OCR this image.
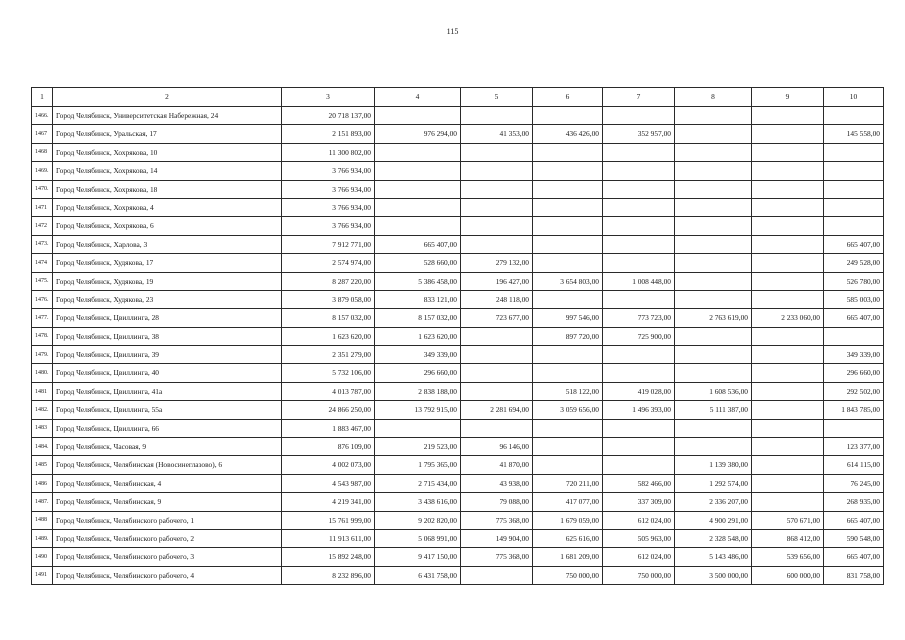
115
1	2	3	4	5	6	7	8	9	10
1466.	Город Челябинск, Университетская Набережная, 24	20 718 137,00							
1467	Город Челябинск, Уральская, 17	2 151 893,00	976 294,00	41 353,00	436 426,00	352 957,00			145 558,00
1468	Город Челябинск, Хохрякова, 10	11 300 802,00							
1469.	Город Челябинск, Хохрякова, 14	3 766 934,00							
1470.	Город Челябинск, Хохрякова, 18	3 766 934,00							
1471	Город Челябинск, Хохрякова, 4	3 766 934,00							
1472	Город Челябинск, Хохрякова, 6	3 766 934,00							
1473.	Город Челябинск, Харлова, 3	7 912 771,00	665 407,00						665 407,00
1474	Город Челябинск, Худякова, 17	2 574 974,00	528 660,00	279 132,00					249 528,00
1475.	Город Челябинск, Худякова, 19	8 287 220,00	5 386 458,00	196 427,00	3 654 803,00	1 008 448,00			526 780,00
1476.	Город Челябинск, Худякова, 23	3 879 058,00	833 121,00	248 118,00					585 003,00
1477.	Город Челябинск, Цвиллинга, 28	8 157 032,00	8 157 032,00	723 677,00	997 546,00	773 723,00	2 763 619,00	2 233 060,00	665 407,00
1478.	Город Челябинск, Цвиллинга, 38	1 623 620,00	1 623 620,00		897 720,00	725 900,00			
1479.	Город Челябинск, Цвиллинга, 39	2 351 279,00	349 339,00						349 339,00
1480.	Город Челябинск, Цвиллинга, 40	5 732 106,00	296 660,00						296 660,00
1481	Город Челябинск, Цвиллинга, 41а	4 013 787,00	2 838 188,00		518 122,00	419 028,00	1 608 536,00		292 502,00
1482.	Город Челябинск, Цвиллинга, 55а	24 866 250,00	13 792 915,00	2 281 694,00	3 059 656,00	1 496 393,00	5 111 387,00		1 843 785,00
1483	Город Челябинск, Цвиллинга, 66	1 883 467,00							
1484.	Город Челябинск, Часовая, 9	876 109,00	219 523,00	96 146,00					123 377,00
1485	Город Челябинск, Челябинская (Новосинеглазово), 6	4 002 073,00	1 795 365,00	41 870,00			1 139 380,00		614 115,00
1486	Город Челябинск, Челябинская, 4	4 543 987,00	2 715 434,00	43 938,00	720 211,00	582 466,00	1 292 574,00		76 245,00
1487.	Город Челябинск, Челябинская, 9	4 219 341,00	3 438 616,00	79 088,00	417 077,00	337 309,00	2 336 207,00		268 935,00
1488	Город Челябинск, Челябинского рабочего, 1	15 761 999,00	9 202 820,00	775 368,00	1 679 059,00	612 024,00	4 900 291,00	570 671,00	665 407,00
1489.	Город Челябинск, Челябинского рабочего, 2	11 913 611,00	5 068 991,00	149 904,00	625 616,00	505 963,00	2 328 548,00	868 412,00	590 548,00
1490	Город Челябинск, Челябинского рабочего, 3	15 892 248,00	9 417 150,00	775 368,00	1 681 209,00	612 024,00	5 143 486,00	539 656,00	665 407,00
1491	Город Челябинск, Челябинского рабочего, 4	8 232 896,00	6 431 758,00		750 000,00	750 000,00	3 500 000,00	600 000,00	831 758,00
